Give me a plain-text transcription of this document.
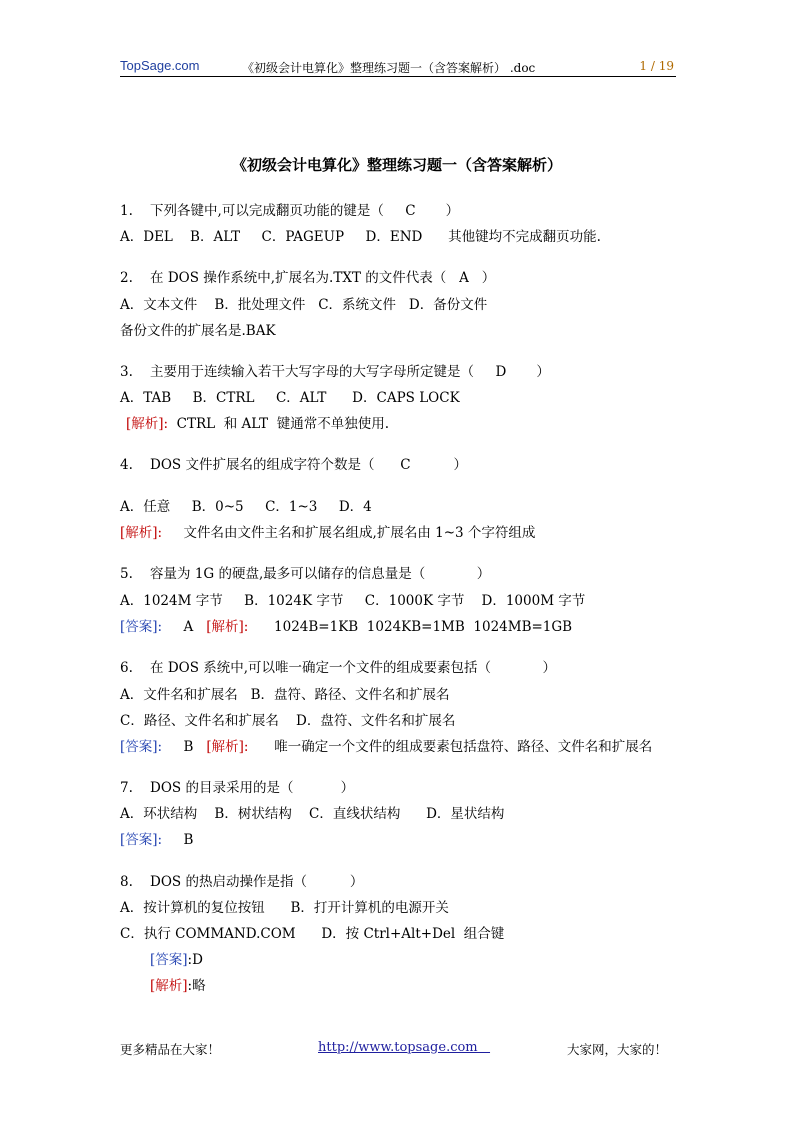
TopSage.com	《初级会计电算化》整理练习题一（含答案解析） .doc	1 / 19
《初级会计电算化》整理练习题一（含答案解析）
1.    下列各键中,可以完成翻页功能的键是（     C       ）
A．DEL    B．ALT     C．PAGEUP     D．END      其他键均不完成翻页功能.
2.    在 DOS 操作系统中,扩展名为.TXT 的文件代表（   A   ）
A．文本文件    B．批处理文件   C．系统文件   D．备份文件
备份文件的扩展名是.BAK
3.    主要用于连续输入若干大写字母的大写字母所定键是（     D       ）
A．TAB     B．CTRL     C．ALT      D．CAPS LOCK
[解析]:  CTRL  和 ALT  键通常不单独使用.
4.    DOS 文件扩展名的组成字符个数是（      C          ）
A．任意     B．0~5     C．1~3     D．4
[解析]:     文件名由文件主名和扩展名组成,扩展名由 1~3 个字符组成
5.    容量为 1G 的硬盘,最多可以储存的信息量是（            ）
A．1024M 字节     B．1024K 字节     C．1000K 字节    D．1000M 字节
[答案]:     A   [解析]:      1024B=1KB  1024KB=1MB  1024MB=1GB
6.    在 DOS 系统中,可以唯一确定一个文件的组成要素包括（            ）
A．文件名和扩展名   B．盘符、路径、文件名和扩展名
C．路径、文件名和扩展名    D．盘符、文件名和扩展名
[答案]:     B   [解析]:      唯一确定一个文件的组成要素包括盘符、路径、文件名和扩展名
7.    DOS 的目录采用的是（           ）
A．环状结构    B．树状结构    C．直线状结构      D．星状结构
[答案]:     B
8.    DOS 的热启动操作是指（          ）
A．按计算机的复位按钮      B．打开计算机的电源开关
C．执行 COMMAND.COM      D．按 Ctrl+Alt+Del  组合键
[答案]:D
[解析]:略
更多精品在大家！	http://www.topsage.com	大家网，大家的！
